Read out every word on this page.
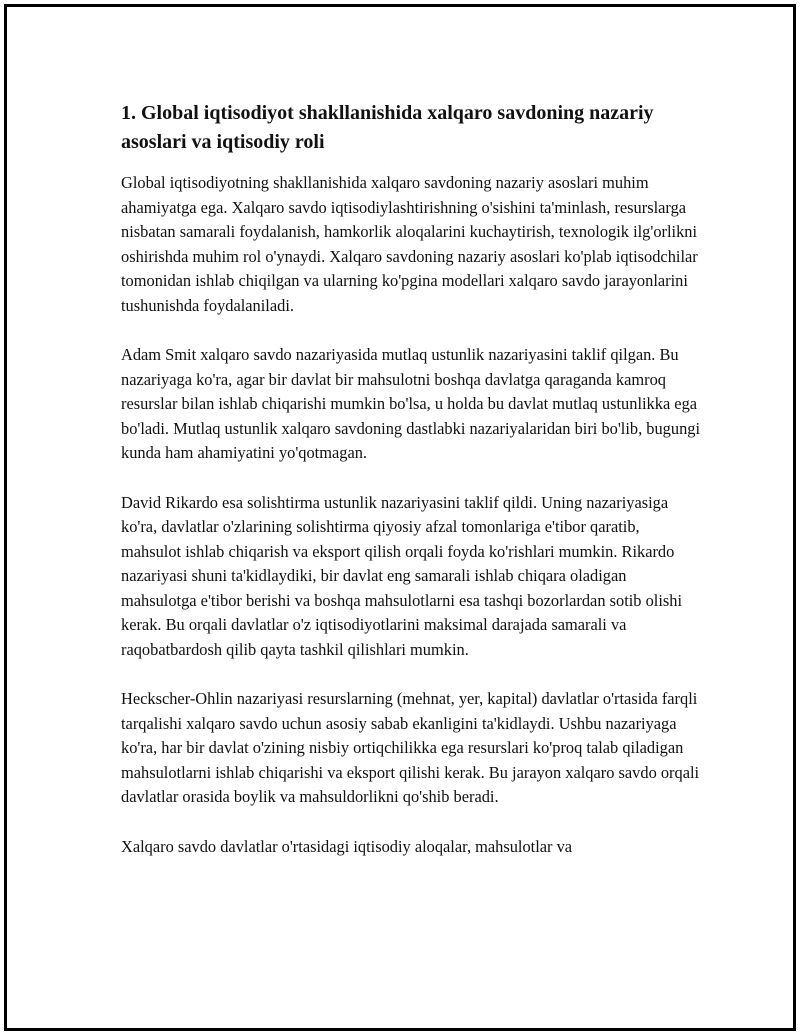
1. Global iqtisodiyot shakllanishida xalqaro savdoning nazariy asoslari va iqtisodiy roli

Global iqtisodiyotning shakllanishida xalqaro savdoning nazariy asoslari muhim ahamiyatga ega. Xalqaro savdo iqtisodiylashtirishning o'sishini ta'minlash, resurslarga nisbatan samarali foydalanish, hamkorlik aloqalarini kuchaytirish, texnologik ilg'orlikni oshirishda muhim rol o'ynaydi. Xalqaro savdoning nazariy asoslari ko'plab iqtisodchilar tomonidan ishlab chiqilgan va ularning ko'pgina modellari xalqaro savdo jarayonlarini tushunishda foydalaniladi.

Adam Smit xalqaro savdo nazariyasida mutlaq ustunlik nazariyasini taklif qilgan. Bu nazariyaga ko'ra, agar bir davlat bir mahsulotni boshqa davlatga qaraganda kamroq resurslar bilan ishlab chiqarishi mumkin bo'lsa, u holda bu davlat mutlaq ustunlikka ega bo'ladi. Mutlaq ustunlik xalqaro savdoning dastlabki nazariyalaridan biri bo'lib, bugungi kunda ham ahamiyatini yo'qotmagan.

David Rikardo esa solishtirma ustunlik nazariyasini taklif qildi. Uning nazariyasiga ko'ra, davlatlar o'zlarining solishtirma qiyosiy afzal tomonlariga e'tibor qaratib, mahsulot ishlab chiqarish va eksport qilish orqali foyda ko'rishlari mumkin. Rikardo nazariyasi shuni ta'kidlaydiki, bir davlat eng samarali ishlab chiqara oladigan mahsulotga e'tibor berishi va boshqa mahsulotlarni esa tashqi bozorlardan sotib olishi kerak. Bu orqali davlatlar o'z iqtisodiyotlarini maksimal darajada samarali va raqobatbardosh qilib qayta tashkil qilishlari mumkin.

Heckscher-Ohlin nazariyasi resurslarning (mehnat, yer, kapital) davlatlar o'rtasida farqli tarqalishi xalqaro savdo uchun asosiy sabab ekanligini ta'kidlaydi. Ushbu nazariyaga ko'ra, har bir davlat o'zining nisbiy ortiqchilikka ega resurslari ko'proq talab qiladigan mahsulotlarni ishlab chiqarishi va eksport qilishi kerak. Bu jarayon xalqaro savdo orqali davlatlar orasida boylik va mahsuldorlikni qo'shib beradi.

Xalqaro savdo davlatlar o'rtasidagi iqtisodiy aloqalar, mahsulotlar va
